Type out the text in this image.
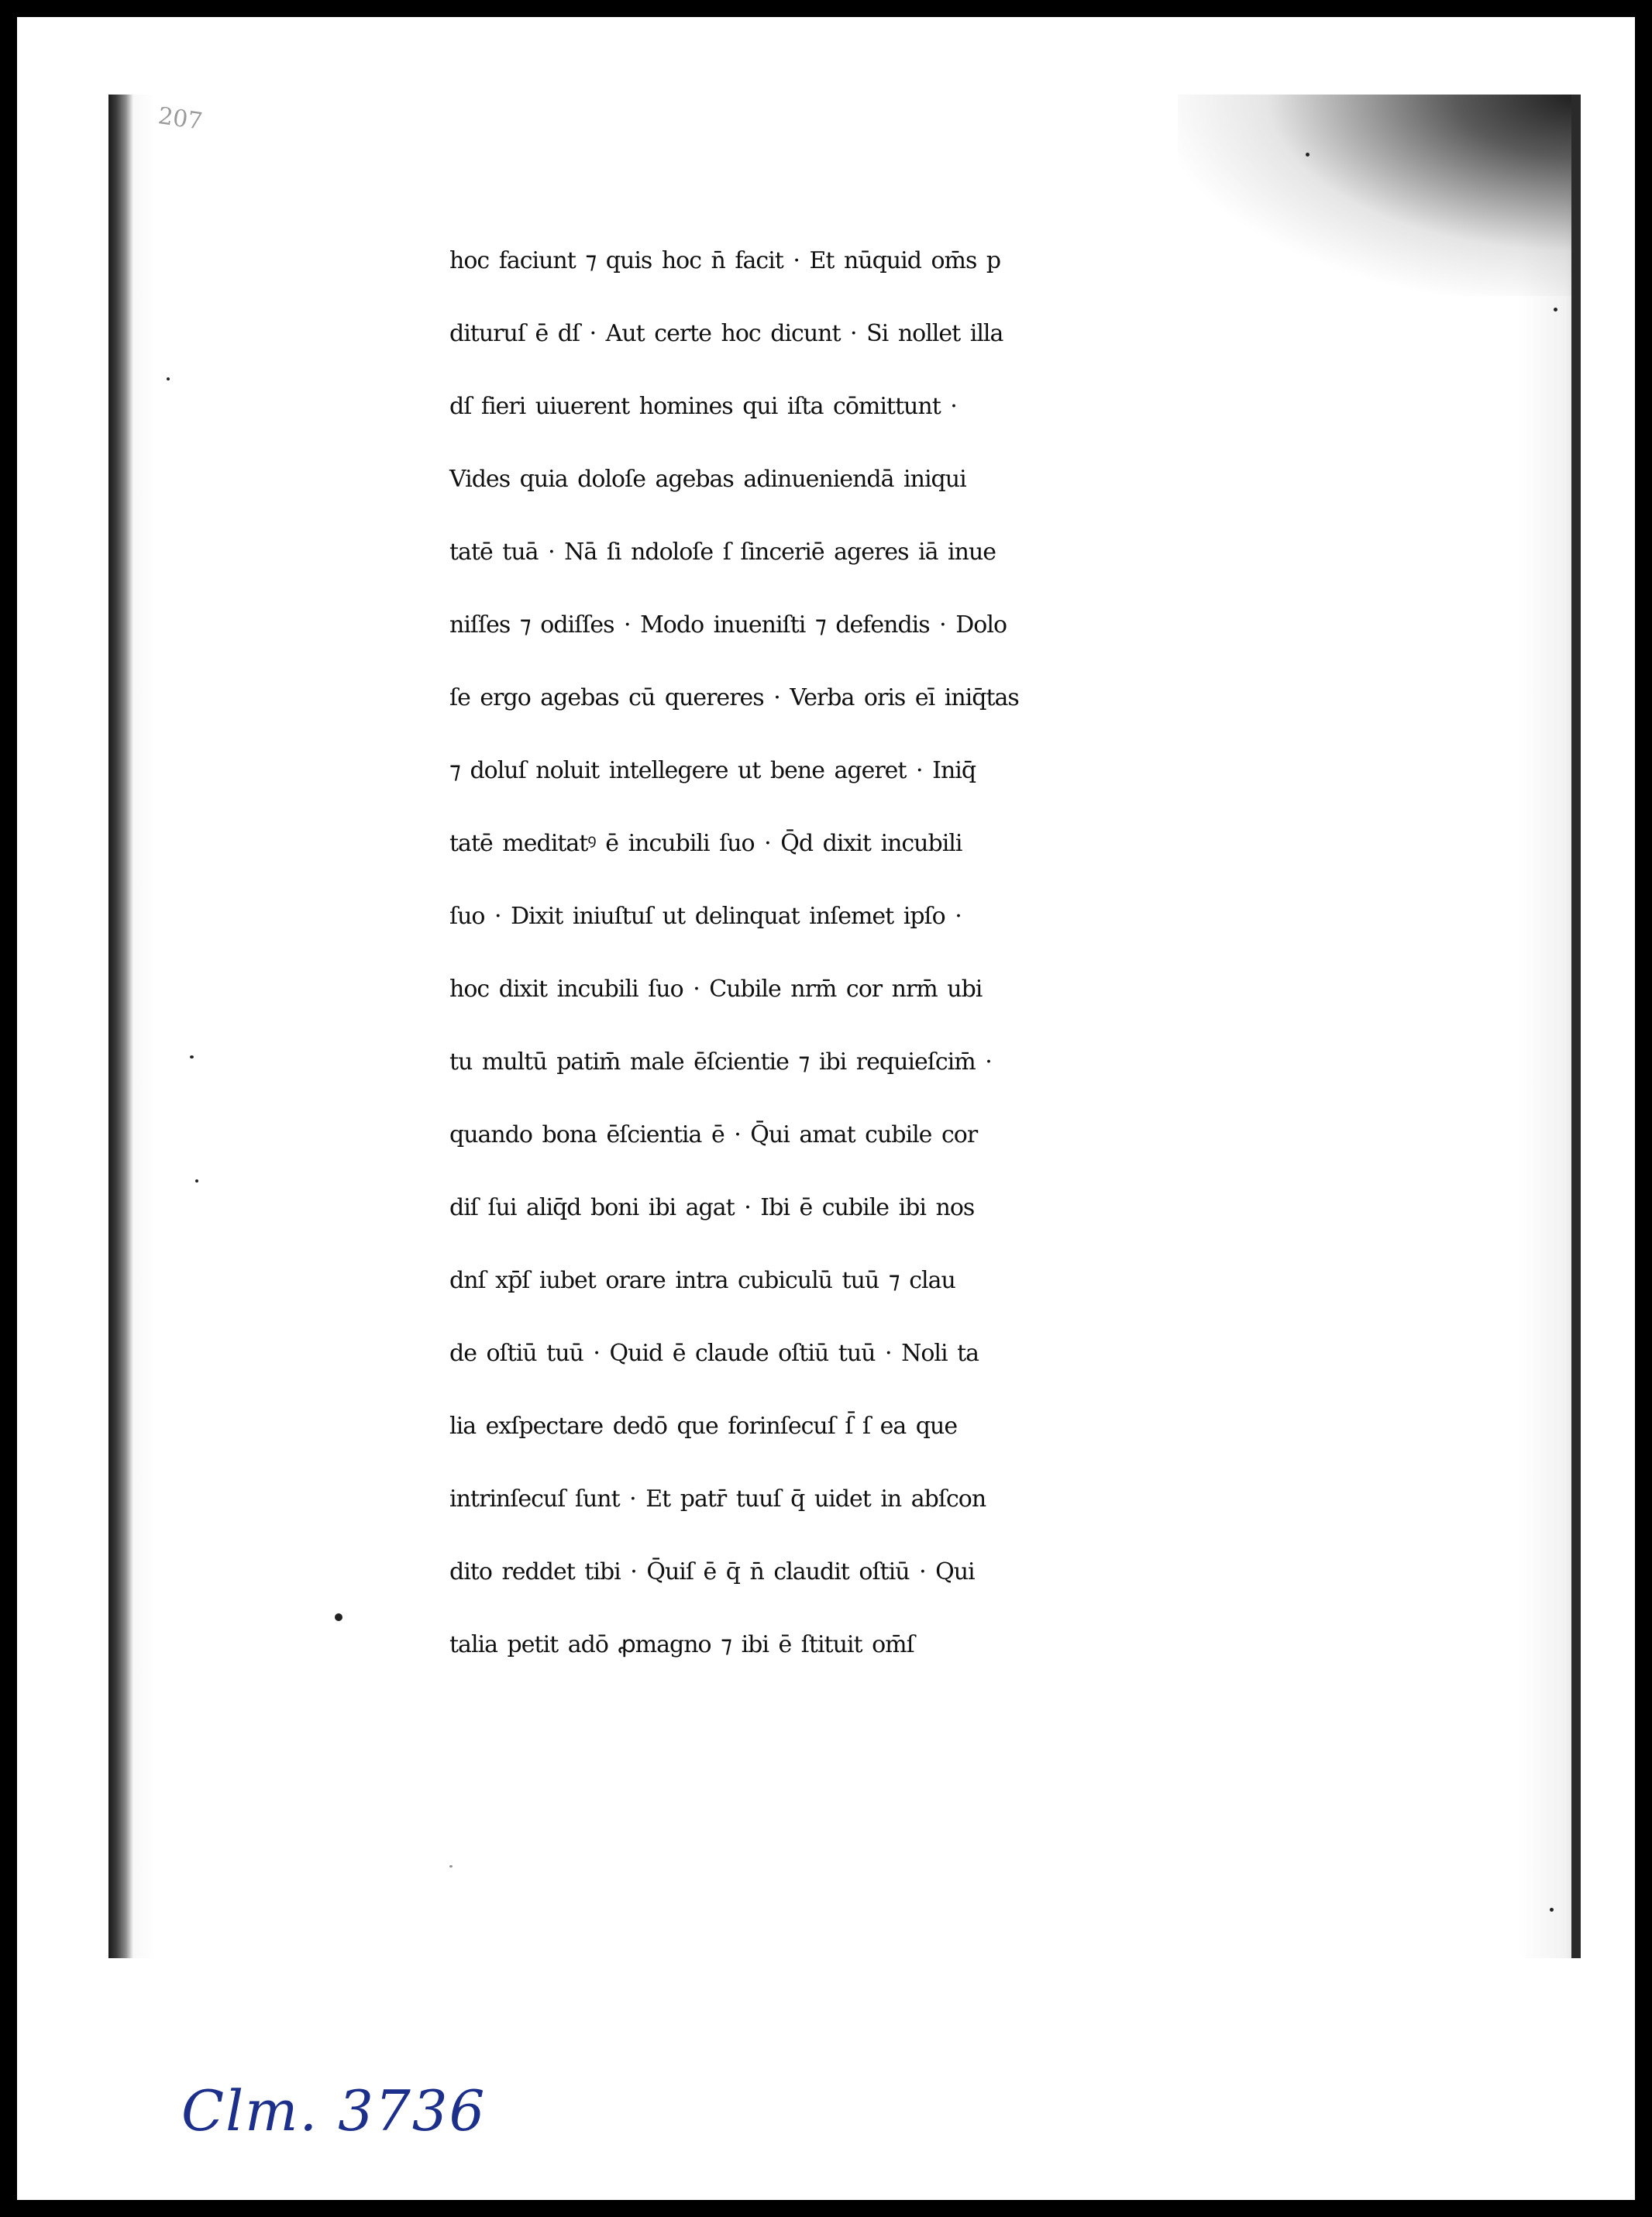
207
hoc faciunt ⁊ quis hoc n̄ facit · Et nūquid om̄s p
dituruſ ē dſ · Aut certe hoc dicunt · Si nollet illa
dſ fieri uiuerent homines qui iſta cōmittunt ·
Vides quia doloſe agebas adinueniendā iniqui
tatē tuā · Nā ſi ndoloſe ſ ſinceriē ageres iā inue
niſſes ⁊ odiſſes · Modo inueniſti ⁊ defendis · Dolo
ſe ergo agebas cū quereres · Verba oris eī iniq̄tas
⁊ doluſ noluit intellegere ut bene ageret · Iniq̄
tatē meditatꝰ ē incubili ſuo · Q̄d dixit incubili
ſuo · Dixit iniuſtuſ ut delinquat inſemet ipſo ·
hoc dixit incubili ſuo · Cubile nrm̄ cor nrm̄ ubi
tu multū patim̄ male ēſcientie ⁊ ibi requieſcim̄ ·
quando bona ēſcientia ē · Q̄ui amat cubile cor
diſ ſui aliq̄d boni ibi agat · Ibi ē cubile ibi nos
dnſ xp̄ſ iubet orare intra cubiculū tuū ⁊ clau
de oſtiū tuū · Quid ē claude oſtiū tuū · Noli ta
lia exſpectare dedō que forinſecuſ ſ̄ ſ ea que
intrinſecuſ ſunt · Et patr̄ tuuſ q̄ uidet in abſcon
dito reddet tibi · Q̄uiſ ē q̄ n̄ claudit oſtiū · Qui
talia petit adō ꝓmagno ⁊ ibi ē ſtituit om̄ſ
Clm. 3736
